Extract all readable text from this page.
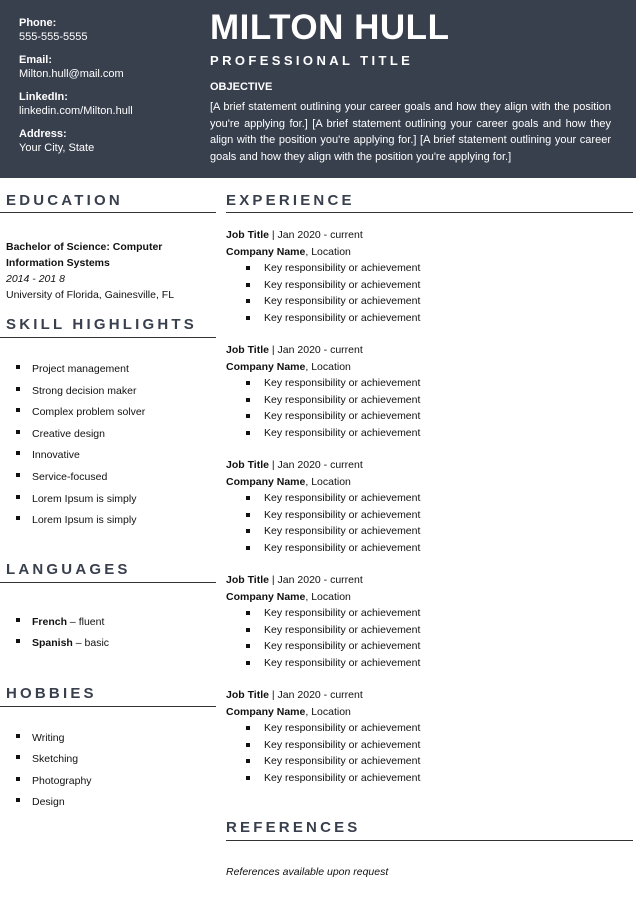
Phone:
555-555-5555
Email:
Milton.hull@mail.com
LinkedIn:
linkedin.com/Milton.hull
Address:
Your City, State
MILTON HULL
PROFESSIONAL TITLE
OBJECTIVE
[A brief statement outlining your career goals and how they align with the position you're applying for.] [A brief statement outlining your career goals and how they align with the position you're applying for.] [A brief statement outlining your career goals and how they align with the position you're applying for.]
EDUCATION
Bachelor of Science: Computer Information Systems
2014 - 201 8
University of Florida, Gainesville, FL
SKILL HIGHLIGHTS
Project management
Strong decision maker
Complex problem solver
Creative design
Innovative
Service-focused
Lorem Ipsum is simply
Lorem Ipsum is simply
LANGUAGES
French – fluent
Spanish – basic
HOBBIES
Writing
Sketching
Photography
Design
EXPERIENCE
Job Title | Jan 2020 - current
Company Name, Location
Key responsibility or achievement
Key responsibility or achievement
Key responsibility or achievement
Key responsibility or achievement
Job Title | Jan 2020 - current
Company Name, Location
Key responsibility or achievement
Key responsibility or achievement
Key responsibility or achievement
Key responsibility or achievement
Job Title | Jan 2020 - current
Company Name, Location
Key responsibility or achievement
Key responsibility or achievement
Key responsibility or achievement
Key responsibility or achievement
Job Title | Jan 2020 - current
Company Name, Location
Key responsibility or achievement
Key responsibility or achievement
Key responsibility or achievement
Key responsibility or achievement
Job Title | Jan 2020 - current
Company Name, Location
Key responsibility or achievement
Key responsibility or achievement
Key responsibility or achievement
Key responsibility or achievement
REFERENCES
References available upon request
